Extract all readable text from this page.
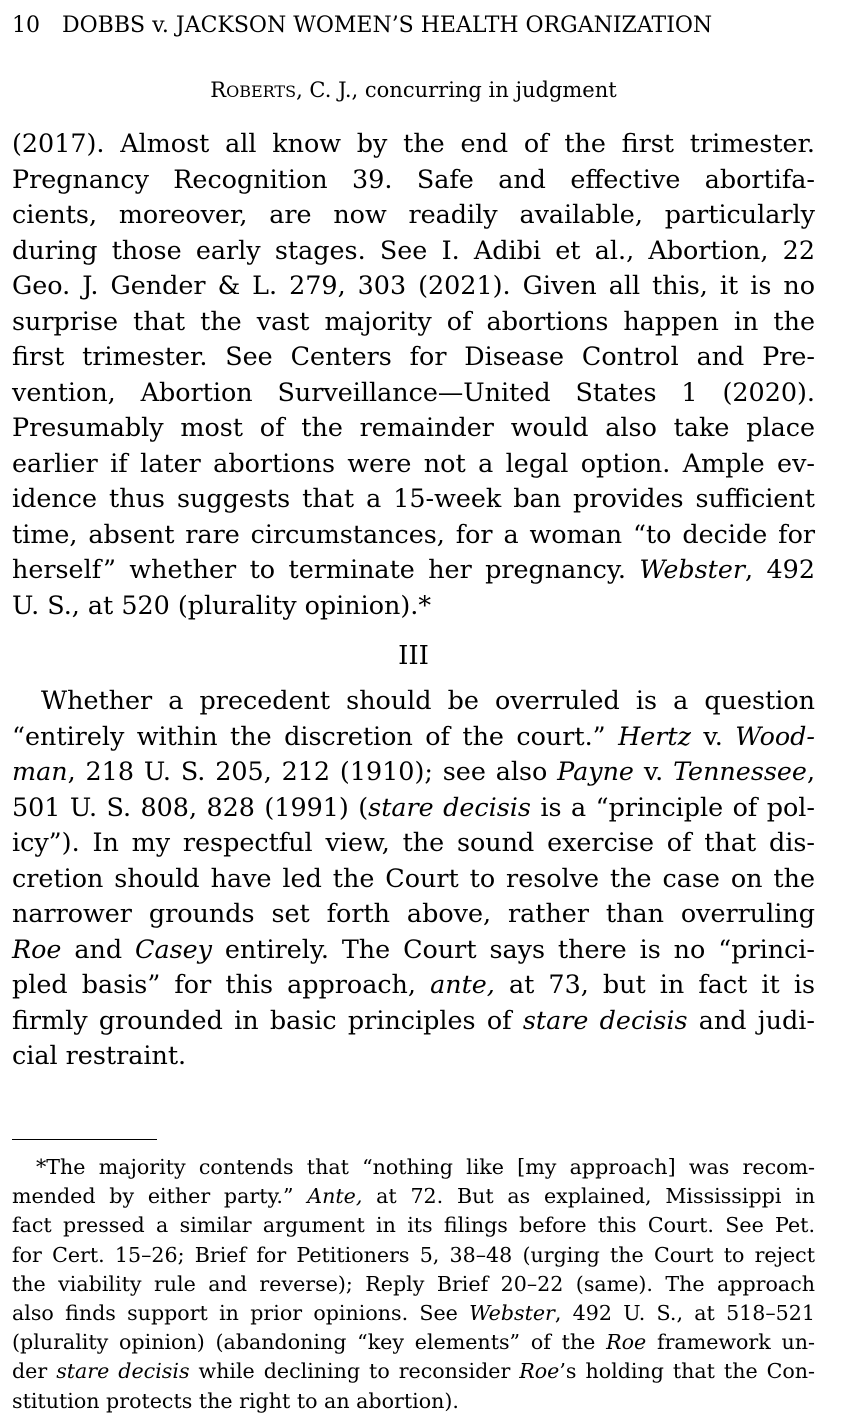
10 DOBBS v. JACKSON WOMEN’S HEALTH ORGANIZATION
ROBERTS, C. J., concurring in judgment
(2017). Almost all know by the end of the first trimester.
Pregnancy Recognition 39. Safe and effective abortifa-
cients, moreover, are now readily available, particularly
during those early stages. See I. Adibi et al., Abortion, 22
Geo. J. Gender & L. 279, 303 (2021). Given all this, it is no
surprise that the vast majority of abortions happen in the
first trimester. See Centers for Disease Control and Pre-
vention, Abortion Surveillance—United States 1 (2020).
Presumably most of the remainder would also take place
earlier if later abortions were not a legal option. Ample ev-
idence thus suggests that a 15-week ban provides sufficient
time, absent rare circumstances, for a woman “to decide for
herself” whether to terminate her pregnancy. Webster, 492
U. S., at 520 (plurality opinion).*
III
Whether a precedent should be overruled is a question
“entirely within the discretion of the court.” Hertz v. Wood-
man, 218 U. S. 205, 212 (1910); see also Payne v. Tennessee,
501 U. S. 808, 828 (1991) (stare decisis is a “principle of pol-
icy”). In my respectful view, the sound exercise of that dis-
cretion should have led the Court to resolve the case on the
narrower grounds set forth above, rather than overruling
Roe and Casey entirely. The Court says there is no “princi-
pled basis” for this approach, ante, at 73, but in fact it is
firmly grounded in basic principles of stare decisis and judi-
cial restraint.
*The majority contends that “nothing like [my approach] was recom-
mended by either party.” Ante, at 72. But as explained, Mississippi in
fact pressed a similar argument in its filings before this Court. See Pet.
for Cert. 15–26; Brief for Petitioners 5, 38–48 (urging the Court to reject
the viability rule and reverse); Reply Brief 20–22 (same). The approach
also finds support in prior opinions. See Webster, 492 U. S., at 518–521
(plurality opinion) (abandoning “key elements” of the Roe framework un-
der stare decisis while declining to reconsider Roe’s holding that the Con-
stitution protects the right to an abortion).
